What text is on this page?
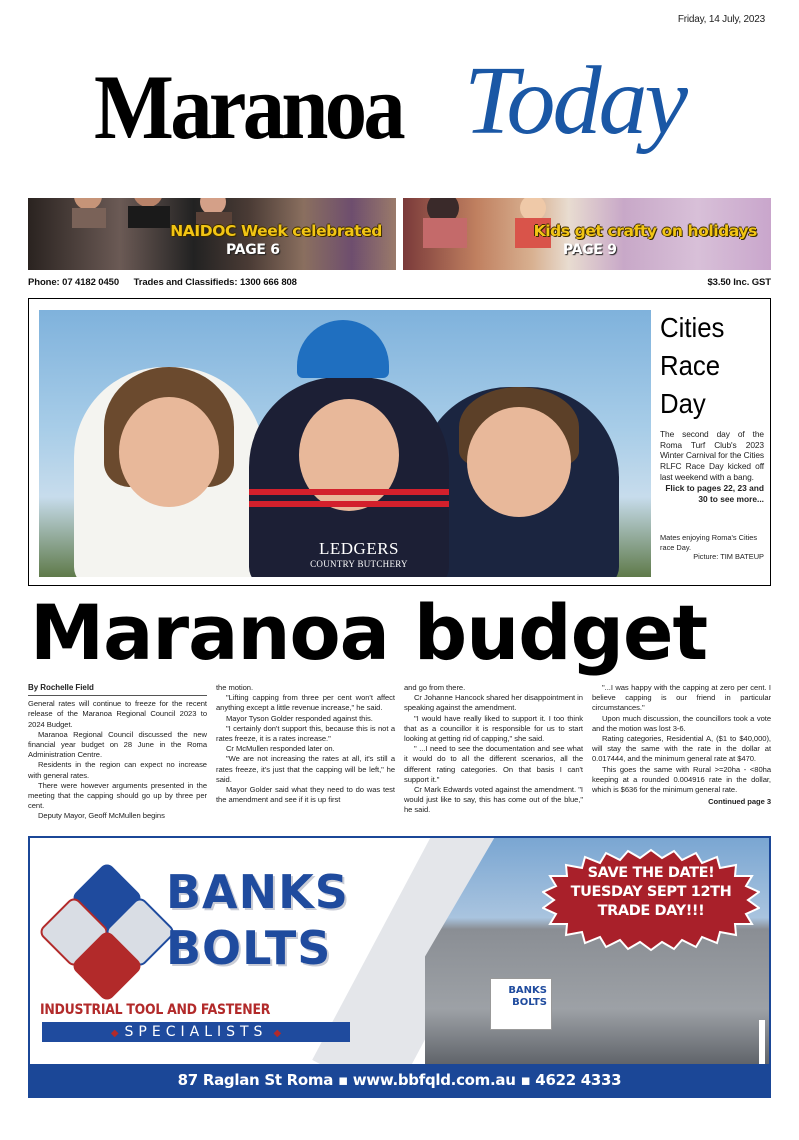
Friday, 14 July, 2023
Maranoa Today
NAIDOC Week celebrated
PAGE 6
Kids get crafty on holidays
PAGE 9
Phone: 07 4182 0450 Trades and Classifieds: 1300 666 808	$3.50 Inc. GST
LEDGERS
COUNTRY BUTCHERY
Cities
Race
Day

The second day of the Roma Turf Club's 2023 Winter Carnival for the Cities RLFC Race Day kicked off last weekend with a bang.

Flick to pages 22, 23 and 30 to see more...

Mates enjoying Roma's Cities race Day.
Picture: TIM BATEUP
Maranoa budget
By Rochelle Field

General rates will continue to freeze for the recent release of the Maranoa Regional Council 2023 to 2024 Budget.

Maranoa Regional Council discussed the new financial year budget on 28 June in the Roma Administration Centre.

Residents in the region can expect no increase with general rates.

There were however arguments presented in the meeting that the capping should go up by three per cent.

Deputy Mayor, Geoff McMullen begins

the motion.

"Lifting capping from three per cent won't affect anything except a little revenue increase," he said.

Mayor Tyson Golder responded against this.

"I certainly don't support this, because this is not a rates freeze, it is a rates increase."

Cr McMullen responded later on.

"We are not increasing the rates at all, it's still a rates freeze, it's just that the capping will be left," he said.

Mayor Golder said what they need to do was test the amendment and see if it is up first

and go from there.

Cr Johanne Hancock shared her disappointment in speaking against the amendment.

"I would have really liked to support it. I too think that as a councillor it is responsible for us to start looking at getting rid of capping," she said.

" ...I need to see the documentation and see what it would do to all the different scenarios, all the different rating categories. On that basis I can't support it."

Cr Mark Edwards voted against the amendment. "I would just like to say, this has come out of the blue," he said.

"...I was happy with the capping at zero per cent. I believe capping is our friend in particular circumstances."

Upon much discussion, the councillors took a vote and the motion was lost 3-6.

Rating categories, Residential A, ($1 to $40,000), will stay the same with the rate in the dollar at 0.017444, and the minimum general rate at $470.

This goes the same with Rural >=20ha - <80ha keeping at a rounded 0.004916 rate in the dollar, which is $636 for the minimum general rate.

Continued page 3

BANKS
BOLTS
BANKS
BOLTS
INDUSTRIAL TOOL AND FASTENER
◆ SPECIALISTS ◆
SAVE THE DATE!
TUESDAY SEPT 12TH
TRADE DAY!!!
87 Raglan St Roma ▪ www.bbfqld.com.au ▪ 4622 4333
